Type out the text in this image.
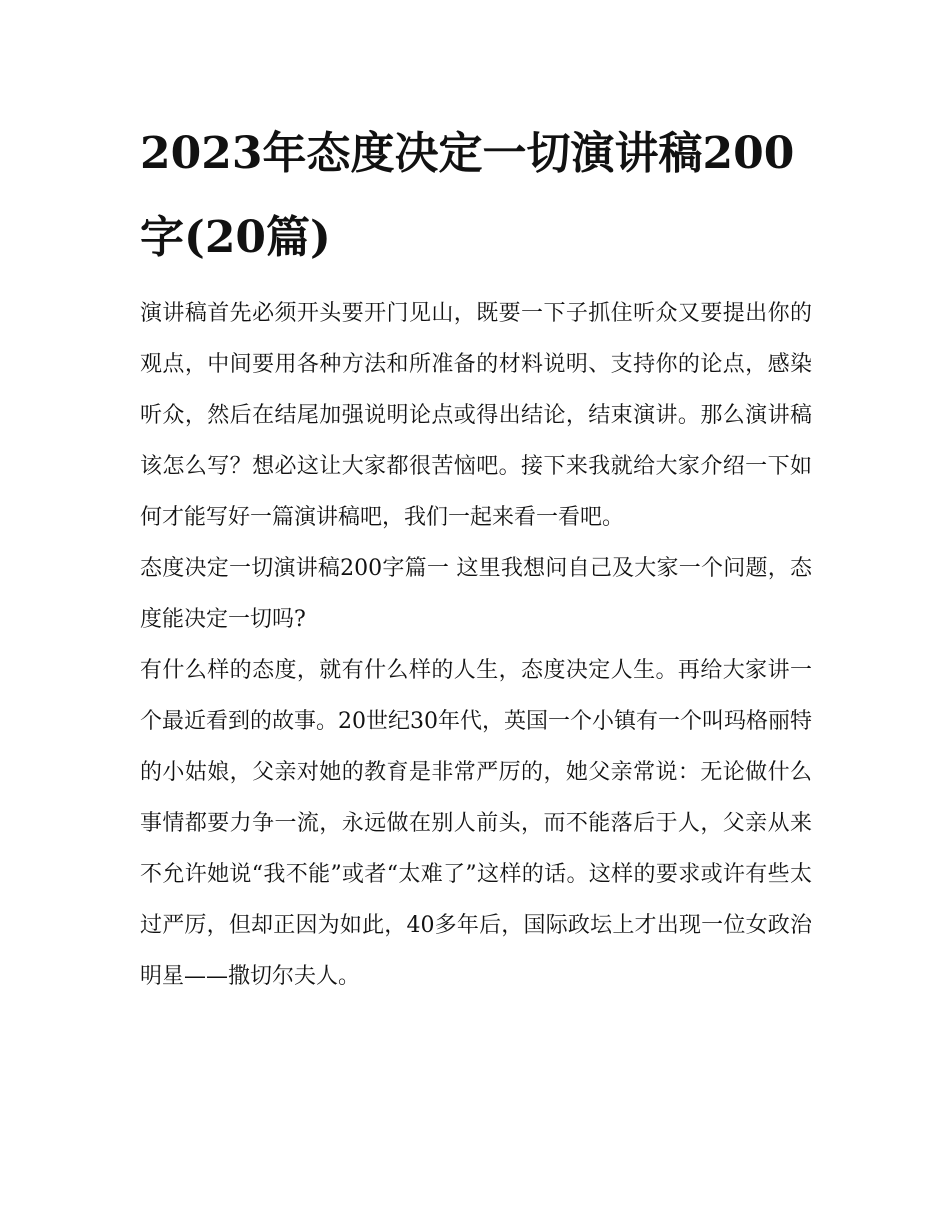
2023年态度决定一切演讲稿200字(20篇)

演讲稿首先必须开头要开门见山，既要一下子抓住听众又要提出你的观点，中间要用各种方法和所准备的材料说明、支持你的论点，感染听众，然后在结尾加强说明论点或得出结论，结束演讲。那么演讲稿该怎么写？想必这让大家都很苦恼吧。接下来我就给大家介绍一下如何才能写好一篇演讲稿吧，我们一起来看一看吧。

态度决定一切演讲稿200字篇一 这里我想问自己及大家一个问题，态度能决定一切吗?

有什么样的态度，就有什么样的人生，态度决定人生。再给大家讲一个最近看到的故事。20世纪30年代，英国一个小镇有一个叫玛格丽特的小姑娘，父亲对她的教育是非常严厉的，她父亲常说：无论做什么事情都要力争一流，永远做在别人前头，而不能落后于人，父亲从来不允许她说“我不能”或者“太难了”这样的话。这样的要求或许有些太过严厉，但却正因为如此，40多年后，国际政坛上才出现一位女政治明星——撒切尔夫人。
